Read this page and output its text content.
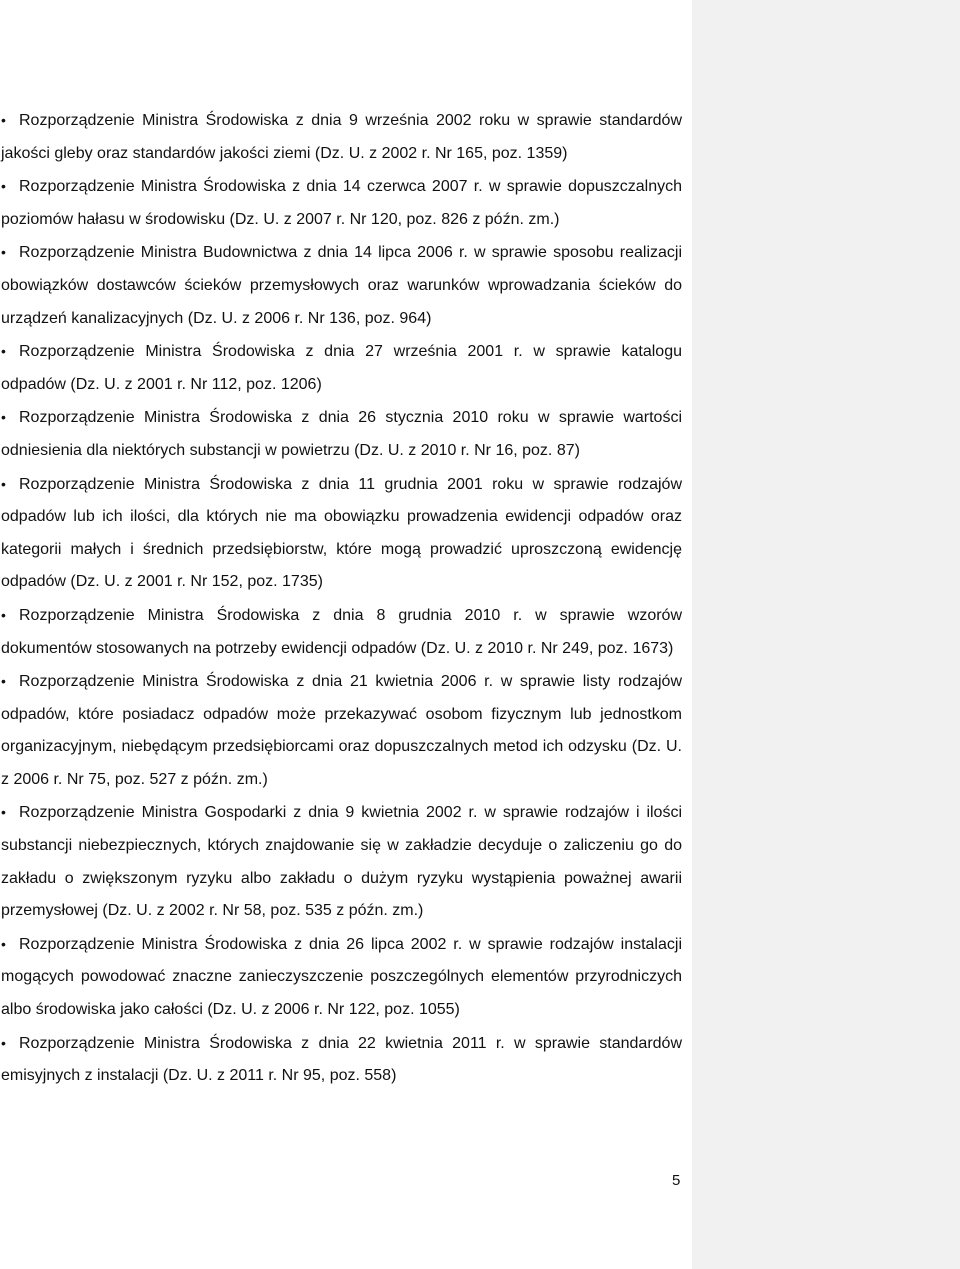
• Rozporządzenie Ministra Środowiska z dnia 9 września 2002 roku w sprawie standardów jakości gleby oraz standardów jakości ziemi (Dz. U. z 2002 r. Nr 165, poz. 1359)
• Rozporządzenie Ministra Środowiska z dnia 14 czerwca 2007 r. w sprawie dopuszczalnych poziomów hałasu w środowisku (Dz. U. z 2007 r. Nr 120, poz. 826 z późn. zm.)
• Rozporządzenie Ministra Budownictwa z dnia 14 lipca 2006 r. w sprawie sposobu realizacji obowiązków dostawców ścieków przemysłowych oraz warunków wprowadzania ścieków do urządzeń kanalizacyjnych (Dz. U. z 2006 r. Nr 136, poz. 964)
• Rozporządzenie Ministra Środowiska z dnia 27 września 2001 r. w sprawie katalogu odpadów (Dz. U. z 2001 r. Nr 112, poz. 1206)
• Rozporządzenie Ministra Środowiska z dnia 26 stycznia 2010 roku w sprawie wartości odniesienia dla niektórych substancji w powietrzu (Dz. U. z 2010 r. Nr 16, poz. 87)
• Rozporządzenie Ministra Środowiska z dnia 11 grudnia 2001 roku w sprawie rodzajów odpadów lub ich ilości, dla których nie ma obowiązku prowadzenia ewidencji odpadów oraz kategorii małych i średnich przedsiębiorstw, które mogą prowadzić uproszczoną ewidencję odpadów (Dz. U. z 2001 r. Nr 152, poz. 1735)
• Rozporządzenie Ministra Środowiska z dnia 8 grudnia 2010 r. w sprawie wzorów dokumentów stosowanych na potrzeby ewidencji odpadów (Dz. U. z 2010 r. Nr 249, poz. 1673)
• Rozporządzenie Ministra Środowiska z dnia 21 kwietnia 2006 r. w sprawie listy rodzajów odpadów, które posiadacz odpadów może przekazywać osobom fizycznym lub jednostkom organizacyjnym, niebędącym przedsiębiorcami oraz dopuszczalnych metod ich odzysku (Dz. U. z 2006 r. Nr 75, poz. 527 z późn. zm.)
• Rozporządzenie Ministra Gospodarki z dnia 9 kwietnia 2002 r. w sprawie rodzajów i ilości substancji niebezpiecznych, których znajdowanie się w zakładzie decyduje o zaliczeniu go do zakładu o zwiększonym ryzyku albo zakładu o dużym ryzyku wystąpienia poważnej awarii przemysłowej (Dz. U. z 2002 r. Nr 58, poz. 535 z późn. zm.)
• Rozporządzenie Ministra Środowiska z dnia 26 lipca 2002 r. w sprawie rodzajów instalacji mogących powodować znaczne zanieczyszczenie poszczególnych elementów przyrodniczych albo środowiska jako całości (Dz. U. z 2006 r. Nr 122, poz. 1055)
• Rozporządzenie Ministra Środowiska z dnia 22 kwietnia 2011 r. w sprawie standardów emisyjnych z instalacji (Dz. U. z 2011 r. Nr 95, poz. 558)
5
